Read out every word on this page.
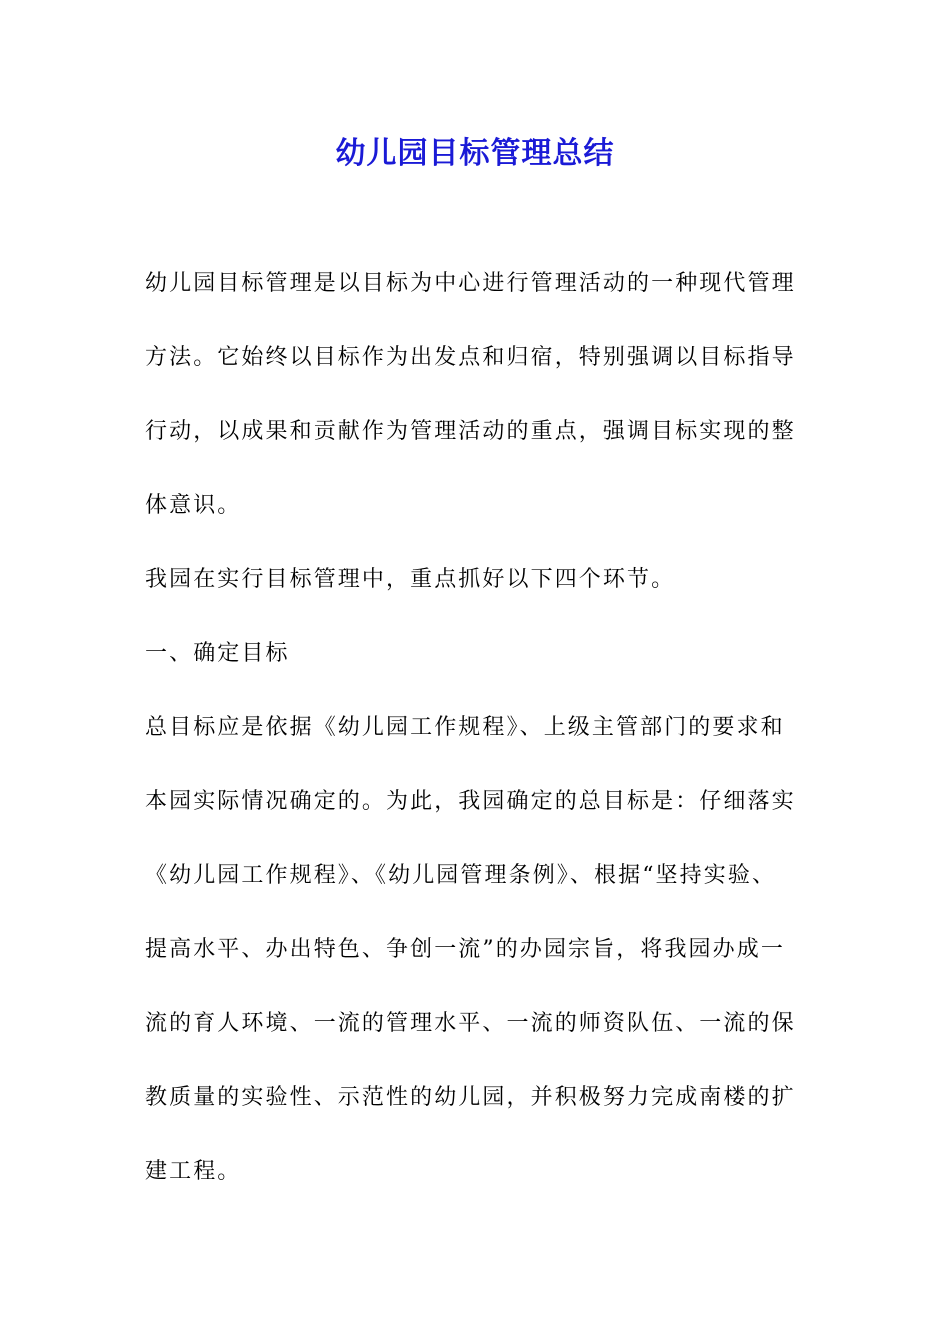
幼儿园目标管理总结
幼儿园目标管理是以目标为中心进行管理活动的一种现代管理
方法。它始终以目标作为出发点和归宿，特别强调以目标指导
行动，以成果和贡献作为管理活动的重点，强调目标实现的整
体意识。
我园在实行目标管理中，重点抓好以下四个环节。
一、确定目标
总目标应是依据《幼儿园工作规程》、上级主管部门的要求和
本园实际情况确定的。为此，我园确定的总目标是：仔细落实
《幼儿园工作规程》、《幼儿园管理条例》、根据“坚持实验、
提高水平、办出特色、争创一流”的办园宗旨，将我园办成一
流的育人环境、一流的管理水平、一流的师资队伍、一流的保
教质量的实验性、示范性的幼儿园，并积极努力完成南楼的扩
建工程。
